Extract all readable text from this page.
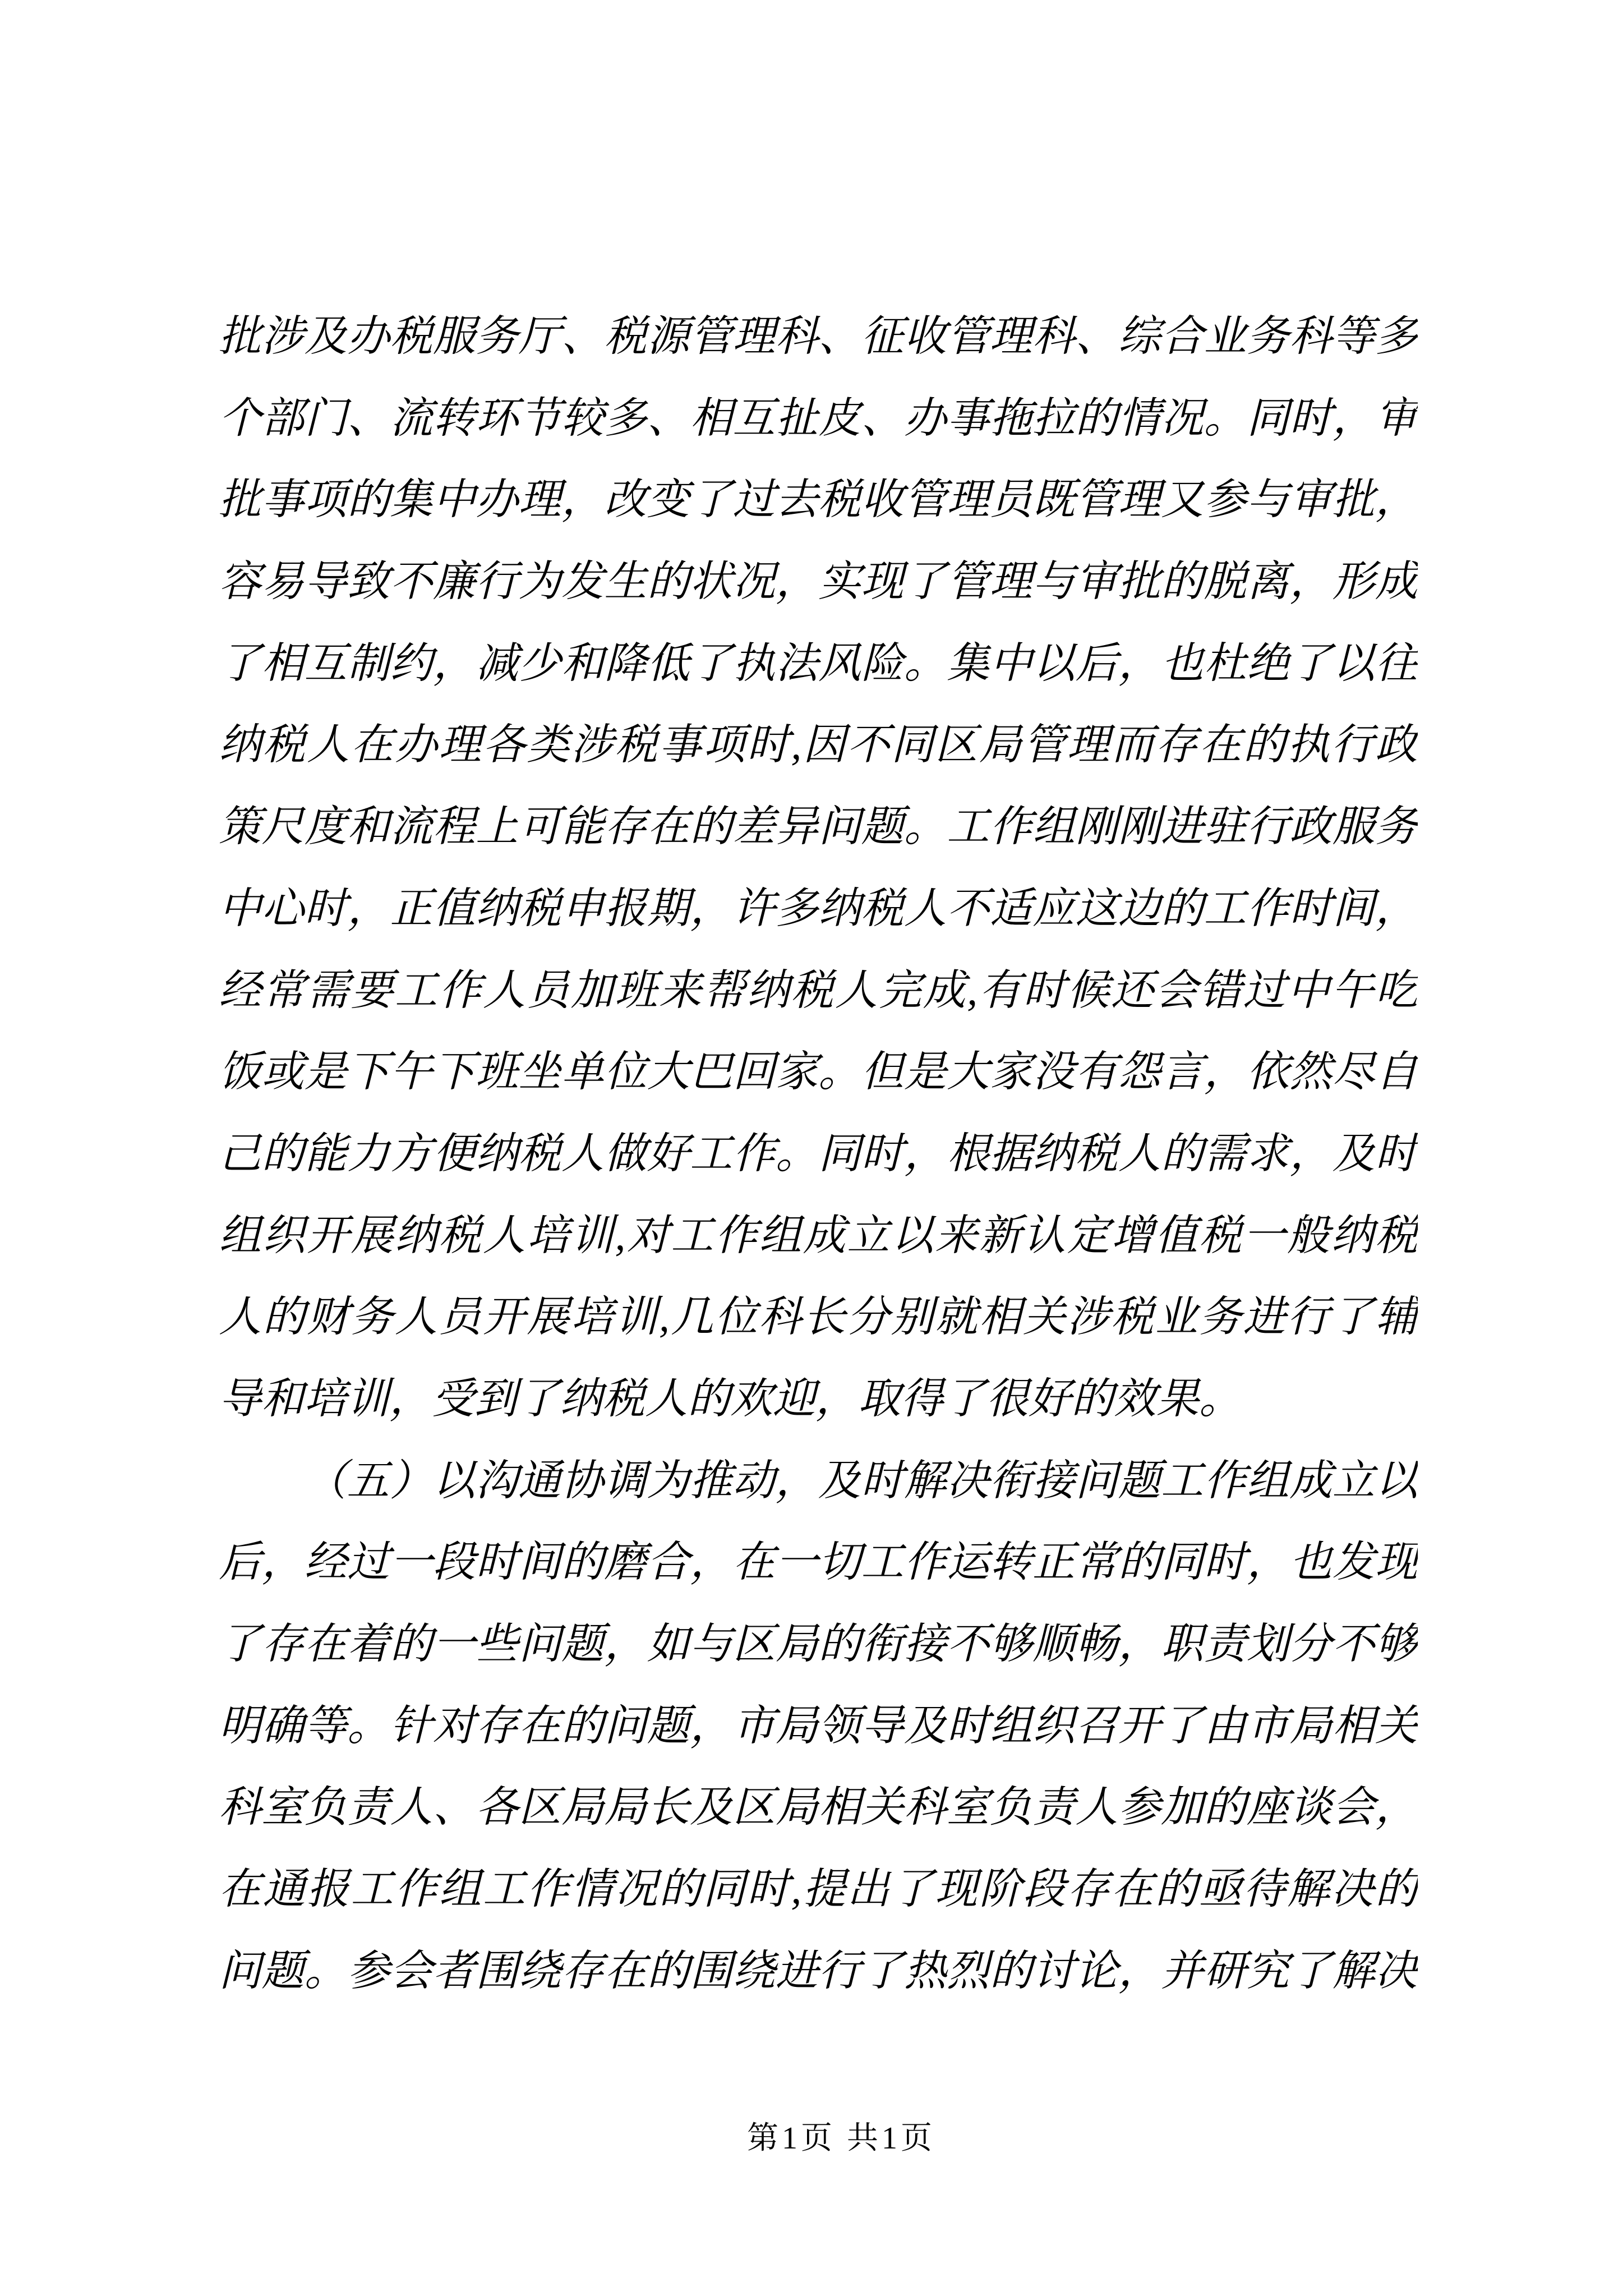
批涉及办税服务厅、税源管理科、征收管理科、综合业务科等多
个部门、流转环节较多、相互扯皮、办事拖拉的情况。同时，审
批事项的集中办理，改变了过去税收管理员既管理又参与审批，
容易导致不廉行为发生的状况，实现了管理与审批的脱离，形成
了相互制约，减少和降低了执法风险。集中以后，也杜绝了以往
纳税人在办理各类涉税事项时,因不同区局管理而存在的执行政
策尺度和流程上可能存在的差异问题。工作组刚刚进驻行政服务
中心时，正值纳税申报期，许多纳税人不适应这边的工作时间，
经常需要工作人员加班来帮纳税人完成,有时候还会错过中午吃
饭或是下午下班坐单位大巴回家。但是大家没有怨言，依然尽自
己的能力方便纳税人做好工作。同时，根据纳税人的需求，及时
组织开展纳税人培训,对工作组成立以来新认定增值税一般纳税
人的财务人员开展培训,几位科长分别就相关涉税业务进行了辅
导和培训，受到了纳税人的欢迎，取得了很好的效果。
（五）以沟通协调为推动，及时解决衔接问题工作组成立以
后，经过一段时间的磨合，在一切工作运转正常的同时，也发现
了存在着的一些问题，如与区局的衔接不够顺畅，职责划分不够
明确等。针对存在的问题，市局领导及时组织召开了由市局相关
科室负责人、各区局局长及区局相关科室负责人参加的座谈会，
在通报工作组工作情况的同时,提出了现阶段存在的亟待解决的
问题。参会者围绕存在的围绕进行了热烈的讨论，并研究了解决
第1页 共1页
